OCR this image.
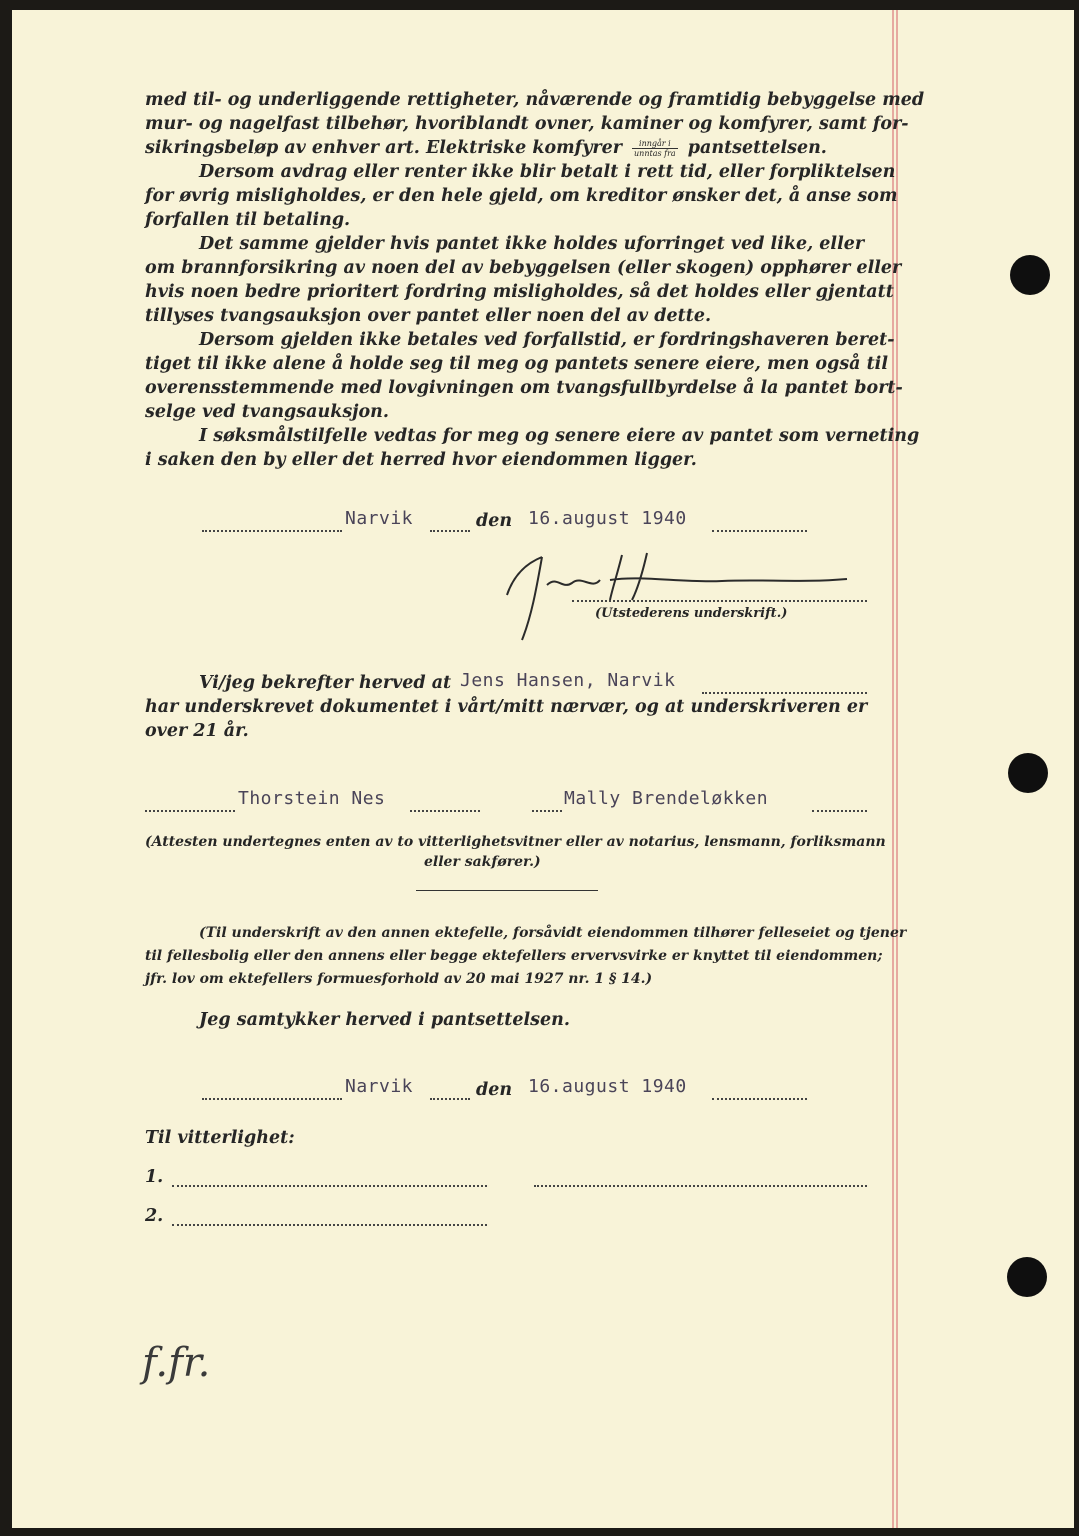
med til- og underliggende rettigheter, nåværende og framtidig bebyggelse med
mur- og nagelfast tilbehør, hvoriblandt ovner, kaminer og komfyrer, samt for-
sikringsbeløp av enhver art. Elektriske komfyrer $\frac{\text{inngår i}}{\text{unntas fra}}$ pantsettelsen.
Dersom avdrag eller renter ikke blir betalt i rett tid, eller forpliktelsen
for øvrig misligholdes, er den hele gjeld, om kreditor ønsker det, å anse som
forfallen til betaling.
Det samme gjelder hvis pantet ikke holdes uforringet ved like, eller
om brannforsikring av noen del av bebyggelsen (eller skogen) opphører eller
hvis noen bedre prioritert fordring misligholdes, så det holdes eller gjentatt
tillyses tvangsauksjon over pantet eller noen del av dette.
Dersom gjelden ikke betales ved forfallstid, er fordringshaveren beret-
tiget til ikke alene å holde seg til meg og pantets senere eiere, men også til
overensstemmende med lovgivningen om tvangsfullbyrdelse å la pantet bort-
selge ved tvangsauksjon.
I søksmålstilfelle vedtas for meg og senere eiere av pantet som verneting
i saken den by eller det herred hvor eiendommen ligger.
Narvik	den 16.august 1940
(Utstederens underskrift.)
Vi/jeg bekrefter herved at Jens Hansen, Narvik
har underskrevet dokumentet i vårt/mitt nærvær, og at underskriveren er
over 21 år.
Thorstein Nes	Mally Brendeløkken
(Attesten undertegnes enten av to vitterlighetsvitner eller av notarius, lensmann, forliksmann
eller sakfører.)
(Til underskrift av den annen ektefelle, forsåvidt eiendommen tilhører felleseiet og tjener
til fellesbolig eller den annens eller begge ektefellers ervervsvirke er knyttet til eiendommen;
jfr. lov om ektefellers formuesforhold av 20 mai 1927 nr. 1 § 14.)
Jeg samtykker herved i pantsettelsen.
Narvik	den 16.august 1940
Til vitterlighet:
1.
2.
f.fr.
